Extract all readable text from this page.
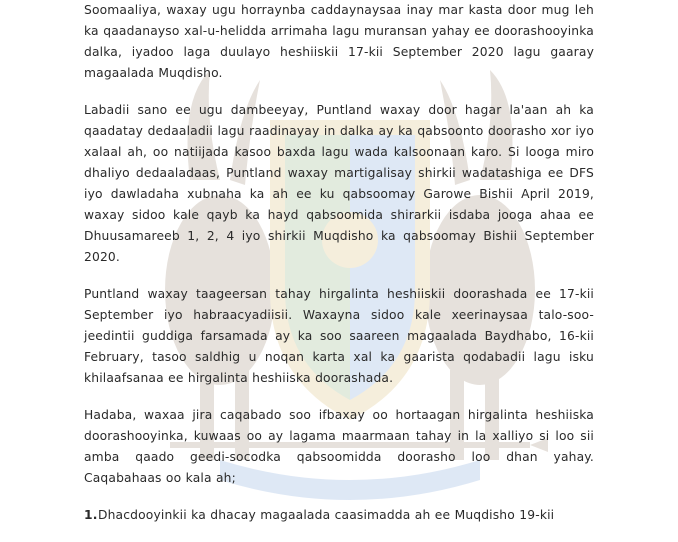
Soomaaliya, waxay ugu horraynba caddaynaysaa inay mar kasta door mug leh ka qaadanayso xal-u-helidda arrimaha lagu muransan yahay ee doorashooyinka dalka, iyadoo laga duulayo heshiiskii 17-kii September 2020 lagu gaaray magaalada Muqdisho.

Labadii sano ee ugu dambeeyay, Puntland waxay door hagar la'aan ah ka qaadatay dedaaladii lagu raadinayay in dalka ay ka qabsoonto doorasho xor iyo xalaal ah, oo natiijada kasoo baxda lagu wada kalsoonaan karo. Si looga miro dhaliyo dedaaladaas, Puntland waxay martigalisay shirkii wadatashiga ee DFS iyo dawladaha xubnaha ka ah ee ku qabsoomay Garowe Bishii April 2019, waxay sidoo kale qayb ka hayd qabsoomida shirarkii isdaba jooga ahaa ee Dhuusamareeb 1, 2, 4 iyo shirkii Muqdisho ka qabsoomay Bishii September 2020.

Puntland waxay taageersan tahay hirgalinta heshiiskii doorashada ee 17-kii September iyo habraacyadiisii. Waxayna sidoo kale xeerinaysaa talo-soo-jeedintii guddiga farsamada ay ka soo saareen magaalada Baydhabo, 16-kii February, tasoo saldhig u noqan karta xal ka gaarista qodabadii lagu isku khilaafsanaa ee hirgalinta heshiiska doorashada.

Hadaba, waxaa jira caqabado soo ifbaxay oo hortaagan hirgalinta heshiiska doorashooyinka, kuwaas oo ay lagama maarmaan tahay in la xalliyo si loo sii amba qaado geedi-socodka qabsoomidda doorasho loo dhan yahay. Caqabahaas oo kala ah;

1. Dhacdooyinkii ka dhacay magaalada caasimadda ah ee Muqdisho 19-kii
